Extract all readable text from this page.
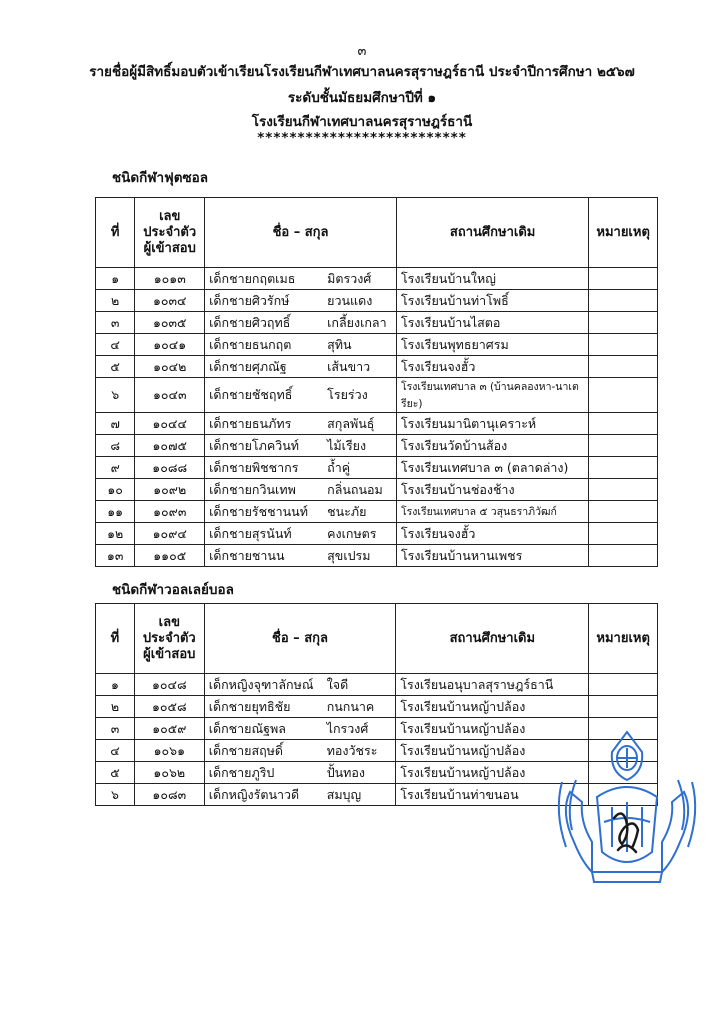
๓
รายชื่อผู้มีสิทธิ์มอบตัวเข้าเรียนโรงเรียนกีฬาเทศบาลนครสุราษฎร์ธานี ประจำปีการศึกษา ๒๕๖๗
ระดับชั้นมัธยมศึกษาปีที่ ๑
โรงเรียนกีฬาเทศบาลนครสุราษฎร์ธานี
**************************
ชนิดกีฬาฟุตซอล
ที่	เลข
ประจำตัว
ผู้เข้าสอบ	ชื่อ – สกุล	สถานศึกษาเดิม	หมายเหตุ
๑	๑๐๑๓	เด็กชายกฤตเมธ มิตรวงศ์	โรงเรียนบ้านใหญ่	
๒	๑๐๓๔	เด็กชายศิวรักษ์ ยวนแดง	โรงเรียนบ้านท่าโพธิ์	
๓	๑๐๓๕	เด็กชายศิวฤทธิ์ เกลี้ยงเกลา	โรงเรียนบ้านไสตอ	
๔	๑๐๔๑	เด็กชายธนกฤต สุทิน	โรงเรียนพุทธยาศรม	
๕	๑๐๔๒	เด็กชายศุภณัฐ เส้นขาว	โรงเรียนจงฮั้ว	
๖	๑๐๔๓	เด็กชายชัชฤทธิ์ โรยร่วง	โรงเรียนเทศบาล ๓ (บ้านคลองหา-นาเตรียะ)	
๗	๑๐๔๔	เด็กชายธนภัทร สกุลพันธุ์	โรงเรียนมานิตานุเคราะห์	
๘	๑๐๗๕	เด็กชายโภควินท์ ไม้เรียง	โรงเรียนวัดบ้านส้อง	
๙	๑๐๘๘	เด็กชายพิชชากร ถ้ำคู่	โรงเรียนเทศบาล ๓ (ตลาดล่าง)	
๑๐	๑๐๙๒	เด็กชายกวินเทพ กลิ่นถนอม	โรงเรียนบ้านช่องช้าง	
๑๑	๑๐๙๓	เด็กชายรัชชานนท์ ชนะภัย	โรงเรียนเทศบาล ๕ วสุนธราภิวัฒก์	
๑๒	๑๐๙๔	เด็กชายสุรนันท์ คงเกษตร	โรงเรียนจงฮั้ว	
๑๓	๑๑๐๕	เด็กชายชานน สุขเปรม	โรงเรียนบ้านหานเพชร	
ชนิดกีฬาวอลเลย์บอล
ที่	เลข
ประจำตัว
ผู้เข้าสอบ	ชื่อ – สกุล	สถานศึกษาเดิม	หมายเหตุ
๑	๑๐๔๘	เด็กหญิงจุฑาลักษณ์ ใจดี	โรงเรียนอนุบาลสุราษฎร์ธานี	
๒	๑๐๕๘	เด็กชายยุทธิชัย กนกนาค	โรงเรียนบ้านหญ้าปล้อง	
๓	๑๐๕๙	เด็กชายณัฐพล ไกรวงศ์	โรงเรียนบ้านหญ้าปล้อง	
๔	๑๐๖๑	เด็กชายสฤษดิ์ ทองวัชระ	โรงเรียนบ้านหญ้าปล้อง	
๕	๑๐๖๒	เด็กชายภูริป ปั้นทอง	โรงเรียนบ้านหญ้าปล้อง	
๖	๑๐๘๓	เด็กหญิงรัตนาวดี สมบุญ	โรงเรียนบ้านท่าขนอน	
